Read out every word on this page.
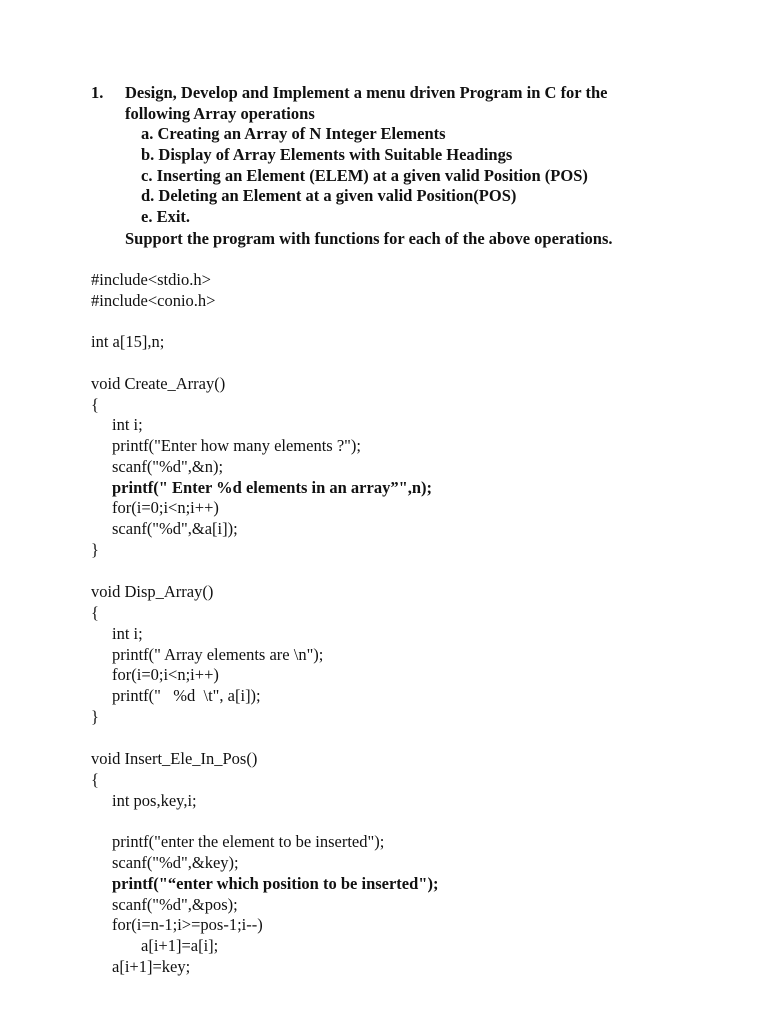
1. Design, Develop and Implement a menu driven Program in C for the
following Array operations
a. Creating an Array of N Integer Elements
b. Display of Array Elements with Suitable Headings
c. Inserting an Element (ELEM) at a given valid Position (POS)
d. Deleting an Element at a given valid Position(POS)
e. Exit.
Support the program with functions for each of the above operations.
#include<stdio.h>
#include<conio.h>
int a[15],n;
void Create_Array()
{
int i;
printf("Enter how many elements ?");
scanf("%d",&n);
printf(" Enter %d elements in an array”",n);
for(i=0;i<n;i++)
scanf("%d",&a[i]);
}
void Disp_Array()
{
int i;
printf(" Array elements are \n");
for(i=0;i<n;i++)
printf("   %d  \t", a[i]);
}
void Insert_Ele_In_Pos()
{
int pos,key,i;
printf("enter the element to be inserted");
scanf("%d",&key);
printf("“enter which position to be inserted");
scanf("%d",&pos);
for(i=n-1;i>=pos-1;i--)
a[i+1]=a[i];
a[i+1]=key;
